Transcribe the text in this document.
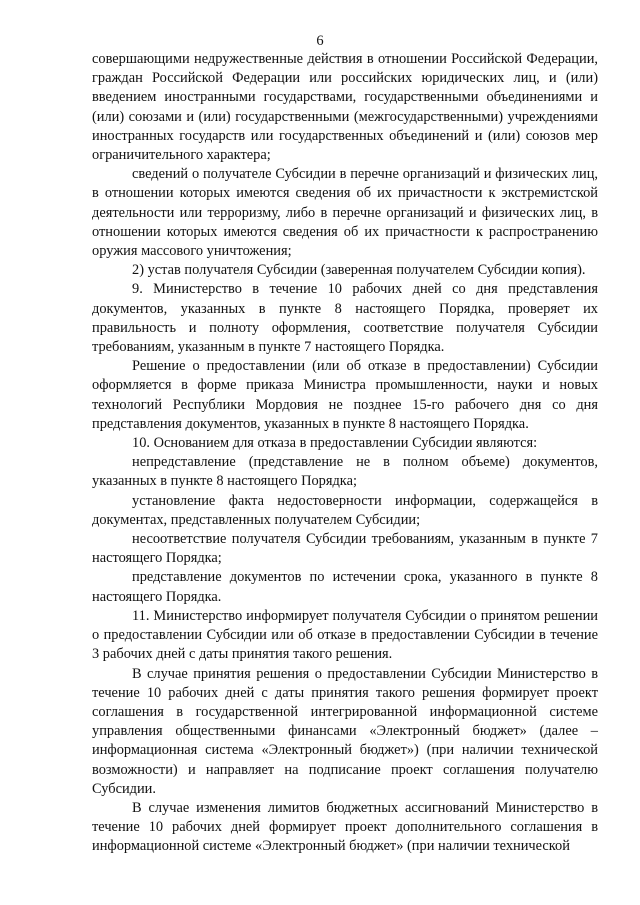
6

совершающими недружественные действия в отношении Российской Федерации, граждан Российской Федерации или российских юридических лиц, и (или) введением иностранными государствами, государственными объединениями и (или) союзами и (или) государственными (межгосударственными) учреждениями иностранных государств или государственных объединений и (или) союзов мер ограничительного характера;

сведений о получателе Субсидии в перечне организаций и физических лиц, в отношении которых имеются сведения об их причастности к экстремистской деятельности или терроризму, либо в перечне организаций и физических лиц, в отношении которых имеются сведения об их причастности к распространению оружия массового уничтожения;

2) устав получателя Субсидии (заверенная получателем Субсидии копия).

9. Министерство в течение 10 рабочих дней со дня представления документов, указанных в пункте 8 настоящего Порядка, проверяет их правильность и полноту оформления, соответствие получателя Субсидии требованиям, указанным в пункте 7 настоящего Порядка.

Решение о предоставлении (или об отказе в предоставлении) Субсидии оформляется в форме приказа Министра промышленности, науки и новых технологий Республики Мордовия не позднее 15-го рабочего дня со дня представления документов, указанных в пункте 8 настоящего Порядка.

10. Основанием для отказа в предоставлении Субсидии являются:

непредставление (представление не в полном объеме) документов, указанных в пункте 8 настоящего Порядка;

установление факта недостоверности информации, содержащейся в документах, представленных получателем Субсидии;

несоответствие получателя Субсидии требованиям, указанным в пункте 7 настоящего Порядка;

представление документов по истечении срока, указанного в пункте 8 настоящего Порядка.

11. Министерство информирует получателя Субсидии о принятом решении о предоставлении Субсидии или об отказе в предоставлении Субсидии в течение 3 рабочих дней с даты принятия такого решения.

В случае принятия решения о предоставлении Субсидии Министерство в течение 10 рабочих дней с даты принятия такого решения формирует проект соглашения в государственной интегрированной информационной системе управления общественными финансами «Электронный бюджет» (далее – информационная система «Электронный бюджет») (при наличии технической возможности) и направляет на подписание проект соглашения получателю Субсидии.

В случае изменения лимитов бюджетных ассигнований Министерство в течение 10 рабочих дней формирует проект дополнительного соглашения в информационной системе «Электронный бюджет» (при наличии технической
